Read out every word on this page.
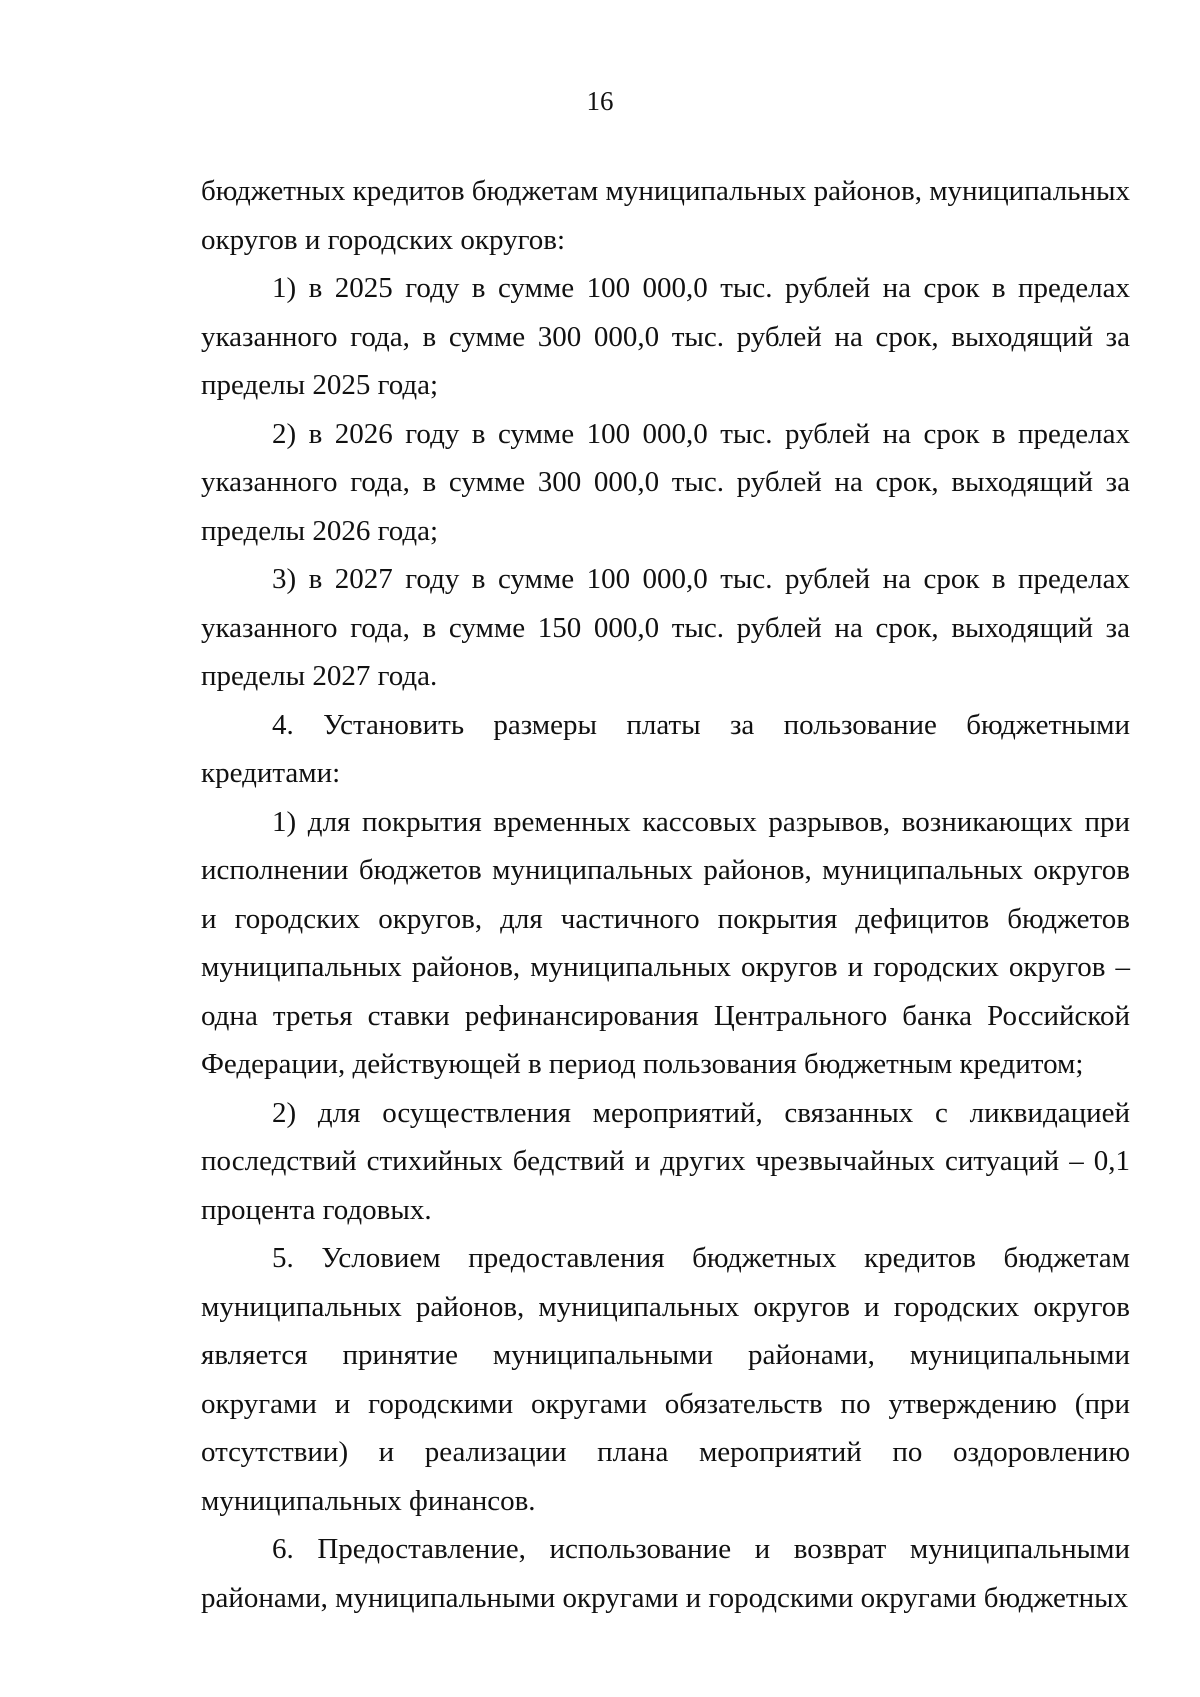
16

бюджетных кредитов бюджетам муниципальных районов, муниципальных округов и городских округов:

1) в 2025 году в сумме 100 000,0 тыс. рублей на срок в пределах указанного года, в сумме 300 000,0 тыс. рублей на срок, выходящий за пределы 2025 года;

2) в 2026 году в сумме 100 000,0 тыс. рублей на срок в пределах указанного года, в сумме 300 000,0 тыс. рублей на срок, выходящий за пределы 2026 года;

3) в 2027 году в сумме 100 000,0 тыс. рублей на срок в пределах указанного года, в сумме 150 000,0 тыс. рублей на срок, выходящий за пределы 2027 года.

4. Установить размеры платы за пользование бюджетными кредитами:

1) для покрытия временных кассовых разрывов, возникающих при исполнении бюджетов муниципальных районов, муниципальных округов и городских округов, для частичного покрытия дефицитов бюджетов муниципальных районов, муниципальных округов и городских округов – одна третья ставки рефинансирования Центрального банка Российской Федерации, действующей в период пользования бюджетным кредитом;

2) для осуществления мероприятий, связанных с ликвидацией последствий стихийных бедствий и других чрезвычайных ситуаций – 0,1 процента годовых.

5. Условием предоставления бюджетных кредитов бюджетам муниципальных районов, муниципальных округов и городских округов является принятие муниципальными районами, муниципальными округами и городскими округами обязательств по утверждению (при отсутствии) и реализации плана мероприятий по оздоровлению муниципальных финансов.

6. Предоставление, использование и возврат муниципальными районами, муниципальными округами и городскими округами бюджетных
